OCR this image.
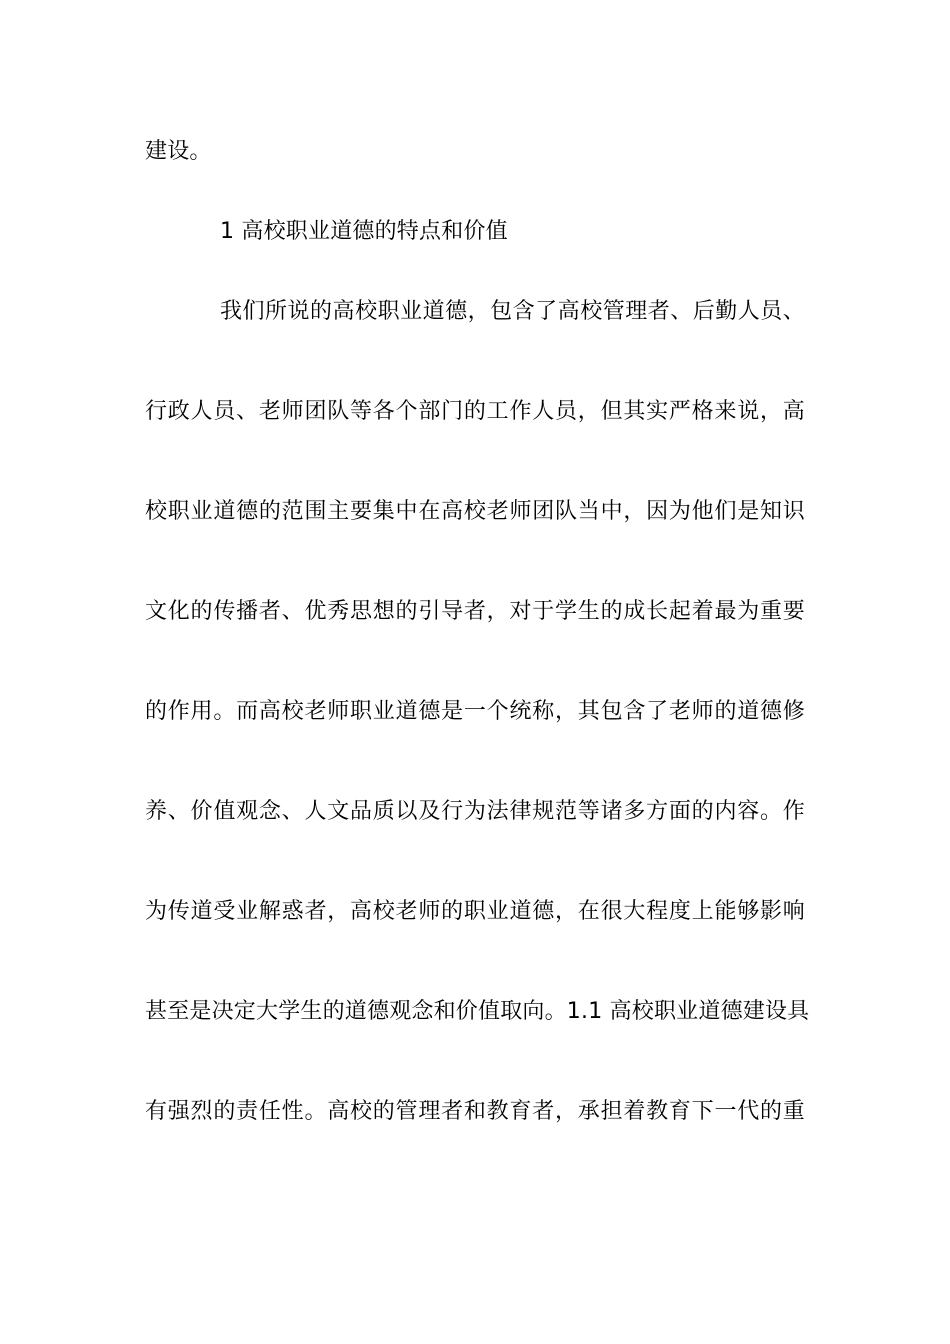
建设。
1 高校职业道德的特点和价值
我们所说的高校职业道德，包含了高校管理者、后勤人员、
行政人员、老师团队等各个部门的工作人员，但其实严格来说，高
校职业道德的范围主要集中在高校老师团队当中，因为他们是知识
文化的传播者、优秀思想的引导者，对于学生的成长起着最为重要
的作用。而高校老师职业道德是一个统称，其包含了老师的道德修
养、价值观念、人文品质以及行为法律规范等诸多方面的内容。作
为传道受业解惑者，高校老师的职业道德，在很大程度上能够影响
甚至是决定大学生的道德观念和价值取向。1.1 高校职业道德建设具
有强烈的责任性。高校的管理者和教育者，承担着教育下一代的重
